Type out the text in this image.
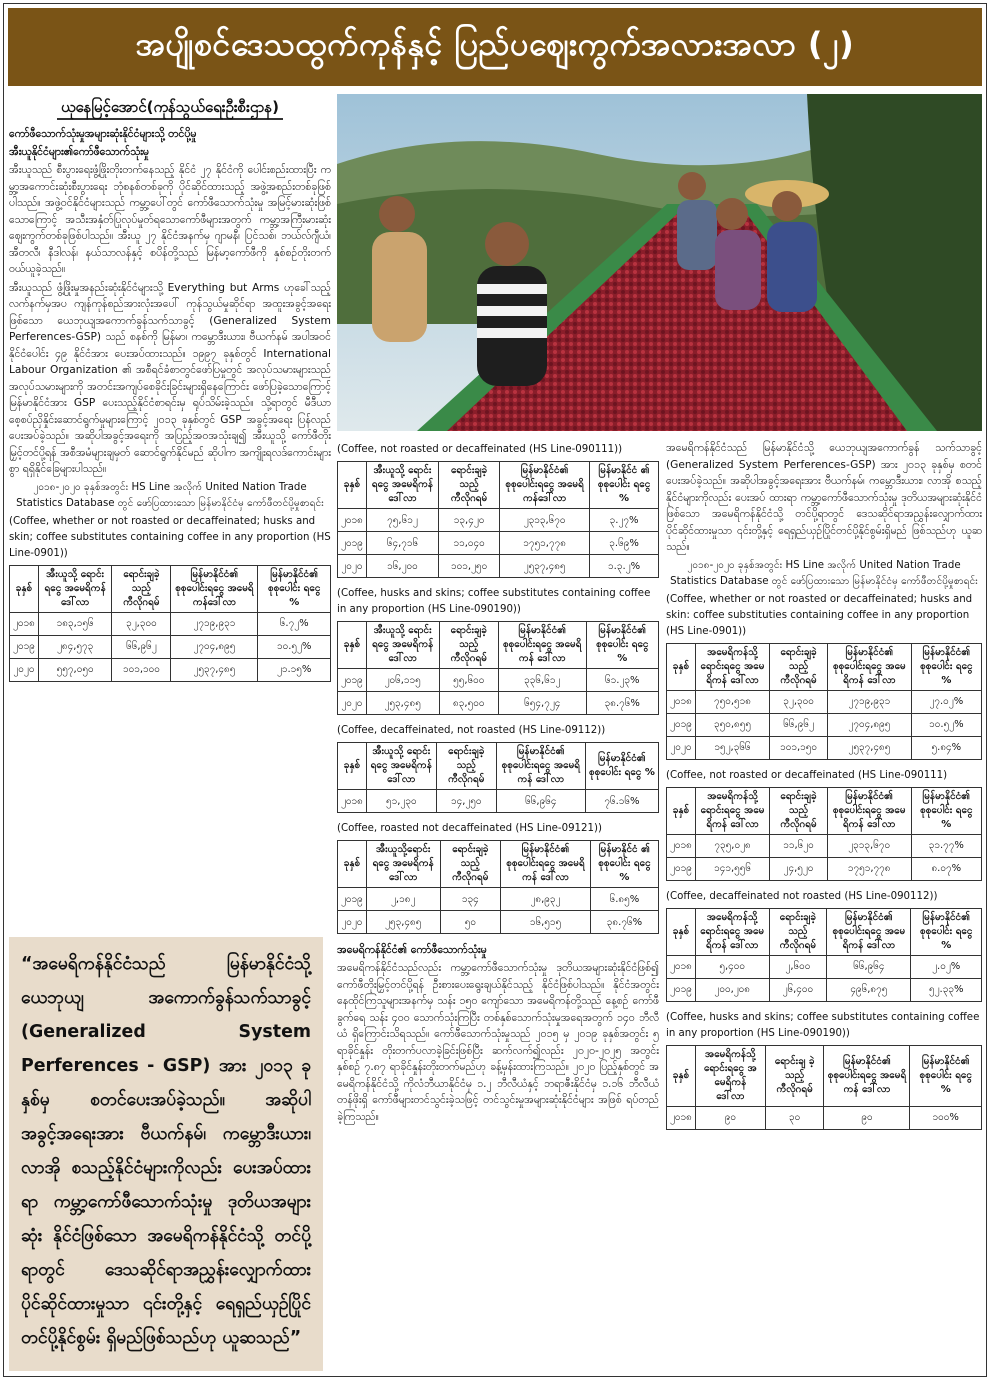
အပျိုစင်ဒေသထွက်ကုန်နှင့် ပြည်ပဈေးကွက်အလားအလာ (၂)
ယုနေမြင့်အောင်(ကုန်သွယ်ရေးဦးစီးဌာန)
ကော်ဖီသောက်သုံးမှုအများဆုံးနိုင်ငံများသို့ တင်ပို့မှု
အီးယူနိုင်ငံများ၏ကော်ဖီသောက်သုံးမှု

အီးယူသည် စီးပွားရေးဖွံ့ဖြိုးတိုးတက်နေသည့် နိုင်ငံ ၂၇ နိုင်ငံကို ပေါင်းစည်းထားပြီး ကမ္ဘာ့အကောင်းဆုံးစီးပွားရေး ဘုံစနစ်တစ်ခုကို ပိုင်ဆိုင်ထားသည့် အဖွဲ့အစည်းတစ်ခုဖြစ်ပါသည်။ အဖွဲ့ဝင်နိုင်ငံများသည် ကမ္ဘာ့ပေါ်တွင် ကော်ဖီသောက်သုံးမှု အမြင့်မားဆုံးဖြစ်သောကြောင့် အသီးအနှံတ်ပြုလုပ်မှုတ်ရသောကော်ဖီများအတွက် ကမ္ဘာ့အကြီးမားဆုံး ဈေးကွက်တစ်ခုဖြစ်ပါသည်။ အီးယူ ၂၇ နိုင်ငံအနက်မှ ဂျာမနီ၊ ပြင်သစ်၊ ဘယ်လ်ဂျီယံ၊ အီတလီ၊ နီဒါလန်၊ နယ်သာလန်နှင့် စပိန်တို့သည် မြန်မာ့ကော်ဖီကို နှစ်စဉ်တိုးတက်ဝယ်ယူခဲ့သည်။

အီးယူသည် ဖွံ့ဖြိုးမှုအနည်းဆုံးနိုင်ငံများသို့ Everything but Arms ဟုခေါ်သည့် လက်နက်မှအပ ကျန်ကုန်စည်အားလုံးအပေါ် ကုန်သွယ်မှုဆိုင်ရာ အထူးအခွင့်အရေးဖြစ်သော ယေဘုယျအကောက်ခွန်သက်သာခွင့် (Generalized System Perferences-GSP) သည် စနစ်ကို မြန်မာ၊ ကမ္ဘောဒီးယား၊ ဗီယက်နမ် အပါအဝင် နိုင်ငံပေါင်း ၄၉ နိုင်ငံအား ပေးအပ်ထားသည်။ ၁၉၉၇ ခုနှစ်တွင် International Labour Organization ၏ အစီရင်ခံစာတွင်ဖော်ပြမှုတွင် အလုပ်သမားများသည် အလုပ်သမားများကို အတင်းအကျပ်စေခိုင်းခြင်းများရှိနေကြောင်း ဖော်ပြခဲ့သောကြောင့် မြန်မာနိုင်ငံအား GSP ပေးသည့်နိုင်ငံစာရင်းမှ ရုပ်သိမ်းခဲ့သည်။ သို့ရာတွင် မီဒီယာစေ့စပ်ညှိနှိုင်းဆောင်ရွက်မှုများကြောင့် ၂၀၁၃ ခုနှစ်တွင် GSP အခွင့်အရေး ပြန်လည်ပေးအပ်ခဲ့သည်။ အဆိုပါအခွင့်အရေးကို အပြည့်အဝအသုံးချ၍ အီးယူသို့ ကော်ဖီတိုးမြှင့်တင်ပို့ရန် အစီအမံများချမှတ် ဆောင်ရွက်နိုင်မည် ဆိုပါက အကျိုးရလဒ်ကောင်းများစွာ ရရှိနိုင်ခြေများပါသည်။

၂၀၁၈-၂၀၂၀ ခုနှစ်အတွင်း HS Line အလိုက် United Nation Trade Statistics Database တွင် ဖော်ပြထားသော မြန်မာနိုင်ငံမှ ကော်ဖီတင်ပို့မှုစာရင်း

(Coffee, whether or not roasted or decaffeinated; husks and skin; coffee substitutes containing coffee in any proportion (HS Line-0901))

ခုနှစ်	အီးယူသို့ ရောင်းရငွေ အမေရိကန် ဒေါ်လာ	ရောင်းချခဲ့သည့် ကီလိုဂရမ်	မြန်မာနိုင်ငံ၏ စုစုပေါင်းရငွေ အမေရိကန်ဒေါ်လာ	မြန်မာနိုင်ငံ၏ စုစုပေါင်း ရငွေ %
၂၀၁၈	၁၈၃,၁၅၆	၃၂,၃၀၀	၂၇၁၉,၉၃၁	၆.၇၂%
၂၀၁၉	၂၈၄,၅၇၃	၆၆,၉၆၂	၂၇၀၄,၈၉၅	၁၀.၅၂%
၂၀၂၀	၅၅၇,၀၅၀	၁၀၁,၁၀၀	၂၅၃၇,၄၈၅	၂၁.၁၅%
“အမေရိကန်နိုင်ငံသည် မြန်မာနိုင်ငံသို့ ယေဘုယျ အကောက်ခွန်သက်သာခွင့် (Generalized System Perferences - GSP) အား ၂၀၁၃ ခုနှစ်မှ စတင်ပေးအပ်ခဲ့သည်။ အဆိုပါ အခွင့်အရေးအား ဗီယက်နမ်၊ ကမ္ဘောဒီးယား၊ လာအို စသည့်နိုင်ငံများကိုလည်း ပေးအပ်ထားရာ ကမ္ဘာ့ကော်ဖီသောက်သုံးမှု ဒုတိယအများဆုံး နိုင်ငံဖြစ်သော အမေရိကန်နိုင်ငံသို့ တင်ပို့ရာတွင် ဒေသဆိုင်ရာအညွှန်းလျှောက်ထား ပိုင်ဆိုင်ထားမှုသာ ၎င်းတို့နှင့် ရေရှည်ယှဉ်ပြိုင်တင်ပို့နိုင်စွမ်း ရှိမည်ဖြစ်သည်ဟု ယူဆသည်”

(Coffee, not roasted or decaffeinated (HS Line-090111))

ခုနှစ်	အီးယူသို့ ရောင်းရငွေ အမေရိကန် ဒေါ်လာ	ရောင်းချခဲ့ သည့် ကီလိုဂရမ်	မြန်မာနိုင်ငံ၏ စုစုပေါင်းရငွေ အမေရိကန်ဒေါ်လာ	မြန်မာနိုင်ငံ ၏ စုစုပေါင်း ရငွေ %
၂၀၁၈	၇၅,၆၁၂	၁၃,၄၂၀	၂၃၁၃,၆၇၀	၃.၂၇%
၂၀၁၉	၆၄,၇၁၆	၁၁,၀၄၀	၁၇၅၁,၇၇၈	၃.၆၉%
၂၀၂၀	၁၆,၂၀၀	၁၀၁,၂၅၀	၂၅၃၇,၄၈၅	၁.၃.၂%

(Coffee, husks and skins; coffee substitutes containing coffee in any proportion (HS Line-090190))

ခုနှစ်	အီးယူသို့ ရောင်းရငွေ အမေရိကန် ဒေါ်လာ	ရောင်းချခဲ့ သည့် ကီလိုဂရမ်	မြန်မာနိုင်ငံ၏ စုစုပေါင်းရငွေ အမေရိကန် ဒေါ်လာ	မြန်မာနိုင်ငံ၏ စုစုပေါင်း ရငွေ %
၂၀၁၉	၂၀၆,၁၁၅	၅၅,၆၀၀	၃၃၆,၆၁၂	၆၁.၂၃%
၂၀၂၀	၂၅၃,၄၈၅	၈၃,၅၀၀	၆၅၄,၇၂၄	၃၈.၇၆%

(Coffee, decaffeinated, not roasted (HS Line-09112))

ခုနှစ်	အီးယူသို့ ရောင်းရငွေ အမေရိကန် ဒေါ်လာ	ရောင်းချခဲ့ သည့် ကီလိုဂရမ်	မြန်မာနိုင်ငံ၏ စုစုပေါင်းရငွေ အမေရိကန် ဒေါ်လာ	မြန်မာနိုင်ငံ၏ စုစုပေါင်း ရငွေ %
၂၀၁၈	၅၁,၂၃၀	၁၄,၂၅၀	၆၆,၉၆၄	၇၆.၁၆%

(Coffee, roasted not decaffeinated (HS Line-09121))

ခုနှစ်	အီးယူသို့ရောင်းရငွေ အမေရိကန် ဒေါ်လာ	ရောင်းချခဲ့ သည့် ကီလိုဂရမ်	မြန်မာနိုင်ငံ၏ စုစုပေါင်းရငွေ အမေရိကန် ဒေါ်လာ	မြန်မာနိုင်ငံ ၏ စုစုပေါင်း ရငွေ %
၂၀၁၉	၂,၁၈၂	၁၃၄	၂၈,၉၃၂	၆.၈၅%
၂၀၂၀	၂၅၃,၄၈၅	၅၀	၁၆,၅၁၅	၃၈.၇၆%
အမေရိကန်နိုင်ငံ၏ ကော်ဖီသောက်သုံးမှု

အမေရိကန်နိုင်ငံသည်လည်း ကမ္ဘာ့ကော်ဖီသောက်သုံးမှု ဒုတိယအများဆုံးနိုင်ငံဖြစ်၍ ကော်ဖီတိုးမြှင့်တင်ပို့ရန် ဦးစားပေးရွေးချယ်နိုင်သည့် နိုင်ငံဖြစ်ပါသည်။ နိုင်ငံအတွင်း နေထိုင်ကြသူများအနက်မှ သန်း ၁၅၀ ကျော်သော အမေရိကန်တို့သည် နေ့စဉ် ကော်ဖီခွက်ရေ သန်း ၄၀၀ သောက်သုံးကြပြီး တစ်နှစ်သောက်သုံးမှုအရေအတွက် ၁၄၀ ဘီလီယံ ရှိကြောင်းသိရသည်။ ကော်ဖီသောက်သုံးမှုသည် ၂၀၁၅ မှ ၂၀၁၉ ခုနှစ်အတွင်း ၅ ရာခိုင်နှုန်း တိုးတက်ပလာခဲ့ခြင်းဖြစ်ပြီး ဆက်လက်၍လည်း ၂၀၂၀-၂၀၂၅ အတွင်း နှစ်စဉ် ၇.၈၇ ရာခိုင်နှုန်းတိုးတက်မည်ဟု ခန့်မှန်းထားကြသည်။ ၂၀၂၀ ပြည့်နှစ်တွင် အမေရိကန်နိုင်ငံသို့ ကိုလံဘီယာနိုင်ငံမှ ၁.၂ ဘီလီယံနှင့် ဘရာဇီးနိုင်ငံမှ ၁.၁၆ ဘီလီယံ တန်ဖိုးရှိ ကော်ဖီများတင်သွင်းခဲ့သဖြင့် တင်သွင်းမှုအများဆုံးနိုင်ငံများ အဖြစ် ရပ်တည်ခဲ့ကြသည်။

အမေရိကန်နိုင်ငံသည် မြန်မာနိုင်ငံသို့ ယေဘုယျအကောက်ခွန် သက်သာခွင့် (Generalized System Perferences-GSP) အား ၂၀၁၃ ခုနှစ်မှ စတင်ပေးအပ်ခဲ့သည်။ အဆိုပါအခွင့်အရေးအား ဗီယက်နမ်၊ ကမ္ဘောဒီးယား၊ လာအို စသည့်နိုင်ငံများကိုလည်း ပေးအပ် ထားရာ ကမ္ဘာ့ကော်ဖီသောက်သုံးမှု ဒုတိယအများဆုံးနိုင်ငံဖြစ်သော အမေရိကန်နိုင်ငံသို့ တင်ပို့ရာတွင် ဒေသဆိုင်ရာအညွှန်းလျှောက်ထား ပိုင်ဆိုင်ထားမှုသာ ၎င်းတို့နှင့် ရေရှည်ယှဉ်ပြိုင်တင်ပို့နိုင်စွမ်းရှိမည် ဖြစ်သည်ဟု ယူဆသည်။

၂၀၁၈-၂၀၂၀ ခုနှစ်အတွင်း HS Line အလိုက် United Nation Trade Statistics Database တွင် ဖော်ပြထားသော မြန်မာနိုင်ငံမှ ကော်ဖီတင်ပို့မှုစာရင်း

(Coffee, whether or not roasted or decaffeinated; husks and skin: coffee substituties containing coffee in any proportion (HS Line-0901))

ခုနှစ်	အမေရိကန်သို့ ရောင်းရငွေ အမေရိကန် ဒေါ်လာ	ရောင်းချခဲ့ သည့် ကီလိုဂရမ်	မြန်မာနိုင်ငံ၏ စုစုပေါင်းရငွေ အမေရိကန် ဒေါ်လာ	မြန်မာနိုင်ငံ၏ စုစုပေါင်း ရငွေ %
၂၀၁၈	၇၅၀,၅၁၈	၃၂,၃၀၀	၂၇၁၉,၉၃၁	၂၇.၀၂%
၂၀၁၉	၃၅၀,၈၅၅	၆၆,၉၆၂	၂၇၀၄,၈၉၅	၁၀.၅၂%
၂၀၂၀	၁၅၂,၃၆၆	၁၀၁,၁၅၀	၂၅၃၇,၄၈၅	၅.၈၄%

(Coffee, not roasted or decaffeinated (HS Line-090111)

ခုနှစ်	အမေရိကန်သို့ ရောင်းရငွေ အမေရိကန် ဒေါ်လာ	ရောင်းချခဲ့ သည့် ကီလိုဂရမ်	မြန်မာနိုင်ငံ၏ စုစုပေါင်းရငွေ အမေရိကန် ဒေါ်လာ	မြန်မာနိုင်ငံ၏ စုစုပေါင်း ရငွေ %
၂၀၁၈	၇၃၅,၀၂၈	၁၁,၆၂၀	၂၃၁၃,၆၇၀	၃၁.၇၇%
၂၀၁၉	၁၄၁,၅၅၆	၂၄,၅၂၀	၁၇၅၁,၇၇၈	၈.၀၇%

(Coffee, decaffeinated not roasted (HS Line-090112))

ခုနှစ်	အမေရိကန်သို့ ရောင်းရငွေ အမေရိကန် ဒေါ်လာ	ရောင်းချခဲ့ သည့် ကီလိုဂရမ်	မြန်မာနိုင်ငံ၏ စုစုပေါင်းရငွေ အမေရိကန် ဒေါ်လာ	မြန်မာနိုင်ငံ၏ စုစုပေါင်း ရငွေ %
၂၀၁၈	၅,၄၀၀	၂,၆၀၀	၆၆,၉၆၄	၂.၀၂%
၂၀၁၉	၂၀၀,၂၀၈	၂၆,၄၀၀	၄၉၆,၈၇၅	၅၂.၃၃%

(Coffee, husks and skins; coffee substitutes containing coffee in any proportion (HS Line-090190))

ခုနှစ်	အမေရိကန်သို့ ရောင်းရငွေ အမေရိကန် ဒေါ်လာ	ရောင်းချ ခဲ့သည့် ကီလိုဂရမ်	မြန်မာနိုင်ငံ၏ စုစုပေါင်းရငွေ အမေရိကန် ဒေါ်လာ	မြန်မာနိုင်ငံ၏ စုစုပေါင်း ရငွေ %
၂၀၁၈	၉၀	၃၀	၉၀	၁၀၀%
